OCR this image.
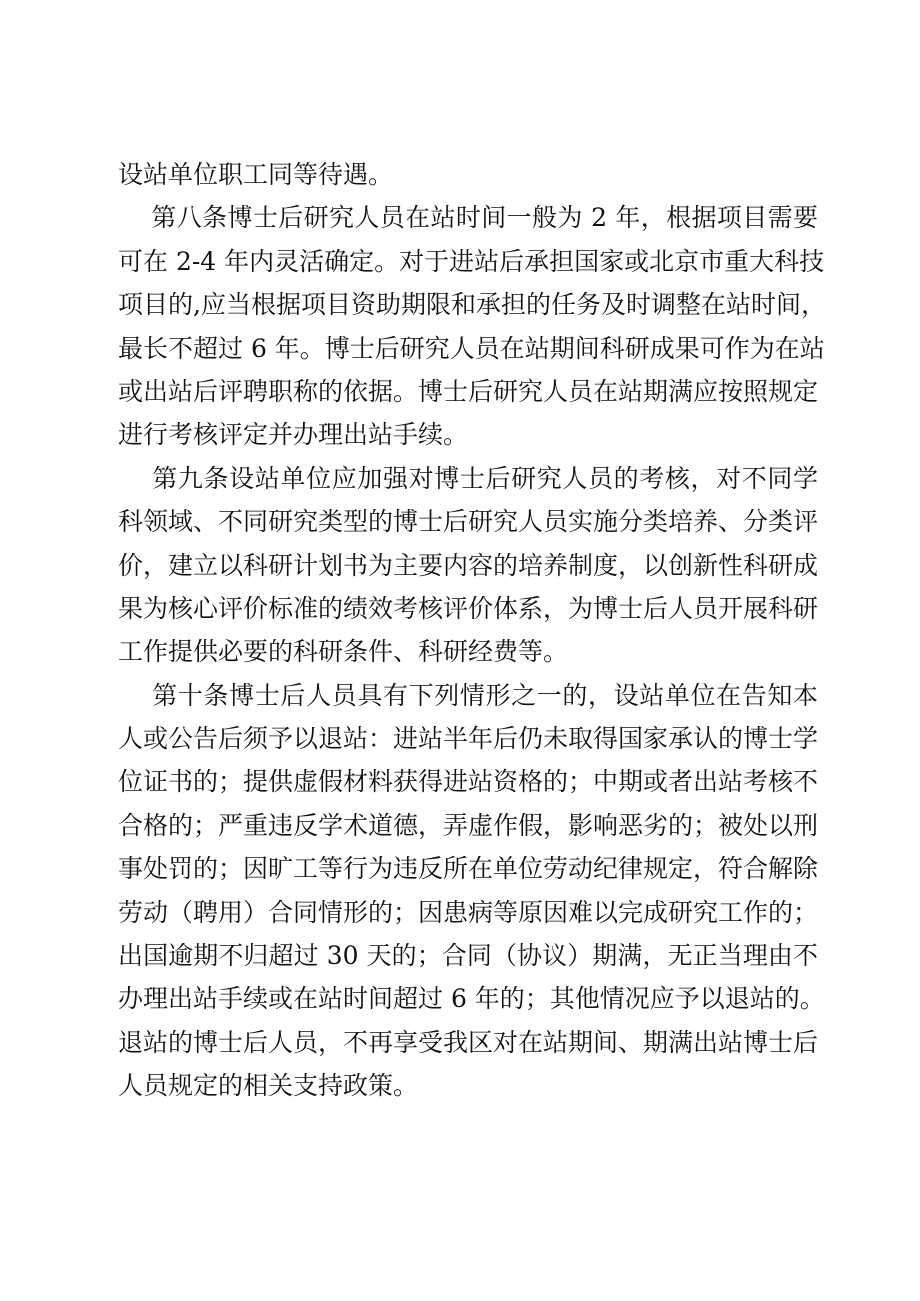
设站单位职工同等待遇。
第八条博士后研究人员在站时间一般为 2 年，根据项目需要
可在 2-4 年内灵活确定。对于进站后承担国家或北京市重大科技
项目的,应当根据项目资助期限和承担的任务及时调整在站时间，
最长不超过 6 年。博士后研究人员在站期间科研成果可作为在站
或出站后评聘职称的依据。博士后研究人员在站期满应按照规定
进行考核评定并办理出站手续。
第九条设站单位应加强对博士后研究人员的考核，对不同学
科领域、不同研究类型的博士后研究人员实施分类培养、分类评
价，建立以科研计划书为主要内容的培养制度，以创新性科研成
果为核心评价标准的绩效考核评价体系，为博士后人员开展科研
工作提供必要的科研条件、科研经费等。
第十条博士后人员具有下列情形之一的，设站单位在告知本
人或公告后须予以退站：进站半年后仍未取得国家承认的博士学
位证书的；提供虚假材料获得进站资格的；中期或者出站考核不
合格的；严重违反学术道德，弄虚作假，影响恶劣的；被处以刑
事处罚的；因旷工等行为违反所在单位劳动纪律规定，符合解除
劳动（聘用）合同情形的；因患病等原因难以完成研究工作的；
出国逾期不归超过 30 天的；合同（协议）期满，无正当理由不
办理出站手续或在站时间超过 6 年的；其他情况应予以退站的。
退站的博士后人员，不再享受我区对在站期间、期满出站博士后
人员规定的相关支持政策。
